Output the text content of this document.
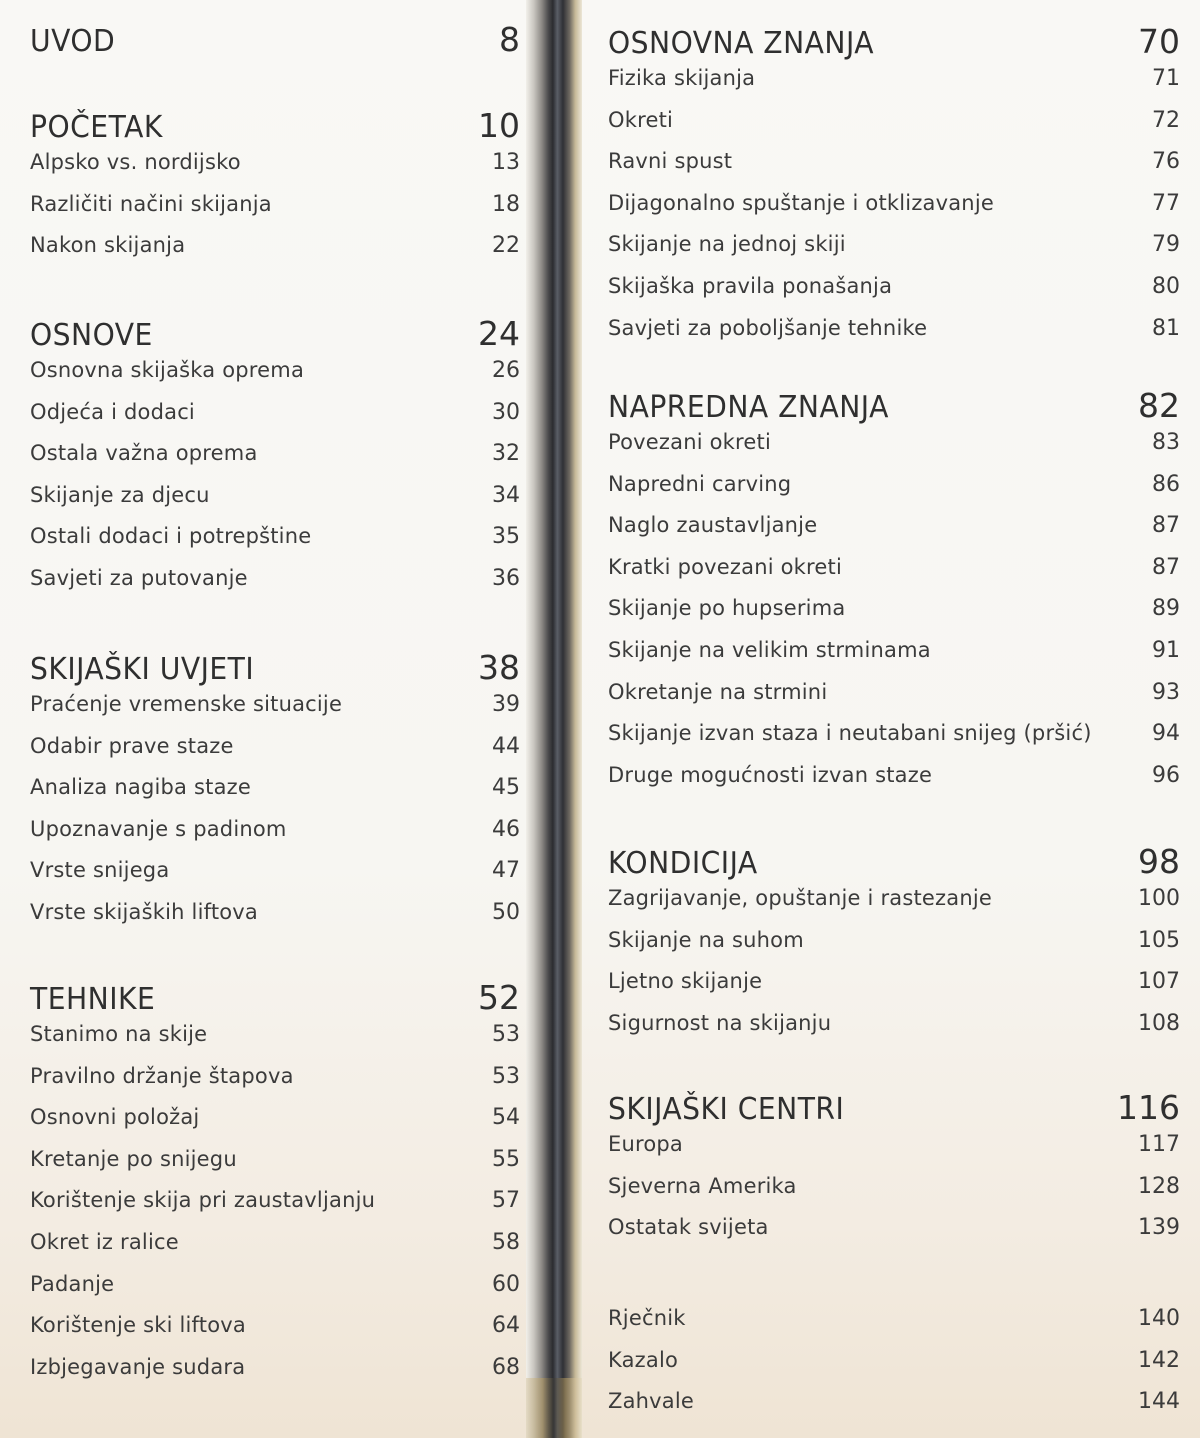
UVOD	8
POČETAK	10
Alpsko vs. nordijsko	13
Različiti načini skijanja	18
Nakon skijanja	22
OSNOVE	24
Osnovna skijaška oprema	26
Odjeća i dodaci	30
Ostala važna oprema	32
Skijanje za djecu	34
Ostali dodaci i potrepštine	35
Savjeti za putovanje	36
SKIJAŠKI UVJETI	38
Praćenje vremenske situacije	39
Odabir prave staze	44
Analiza nagiba staze	45
Upoznavanje s padinom	46
Vrste snijega	47
Vrste skijaških liftova	50
TEHNIKE	52
Stanimo na skije	53
Pravilno držanje štapova	53
Osnovni položaj	54
Kretanje po snijegu	55
Korištenje skija pri zaustavljanju	57
Okret iz ralice	58
Padanje	60
Korištenje ski liftova	64
Izbjegavanje sudara	68
OSNOVNA ZNANJA	70
Fizika skijanja	71
Okreti	72
Ravni spust	76
Dijagonalno spuštanje i otklizavanje	77
Skijanje na jednoj skiji	79
Skijaška pravila ponašanja	80
Savjeti za poboljšanje tehnike	81
NAPREDNA ZNANJA	82
Povezani okreti	83
Napredni carving	86
Naglo zaustavljanje	87
Kratki povezani okreti	87
Skijanje po hupserima	89
Skijanje na velikim strminama	91
Okretanje na strmini	93
Skijanje izvan staza i neutabani snijeg (pršić)	94
Druge mogućnosti izvan staze	96
KONDICIJA	98
Zagrijavanje, opuštanje i rastezanje	100
Skijanje na suhom	105
Ljetno skijanje	107
Sigurnost na skijanju	108
SKIJAŠKI CENTRI	116
Europa	117
Sjeverna Amerika	128
Ostatak svijeta	139
Rječnik	140
Kazalo	142
Zahvale	144
